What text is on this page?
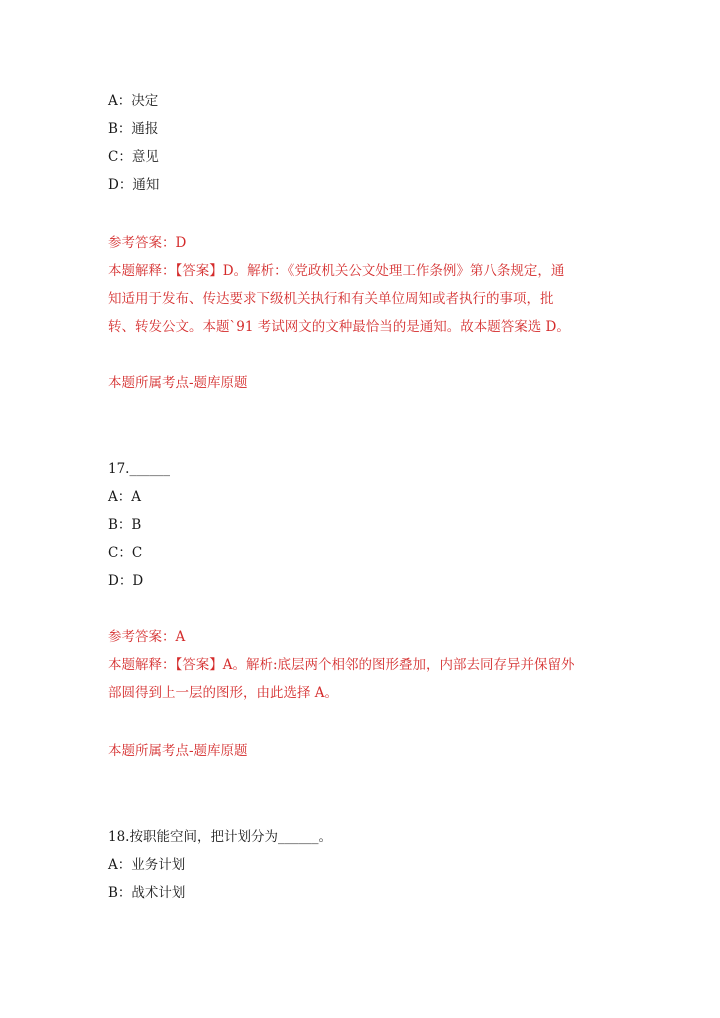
A：决定
B：通报
C：意见
D：通知
参考答案：D
本题解释：【答案】D。解析：《党政机关公文处理工作条例》第八条规定，通
知适用于发布、传达要求下级机关执行和有关单位周知或者执行的事项，批
转、转发公文。本题`91 考试网文的文种最恰当的是通知。故本题答案选 D。
本题所属考点-题库原题
17.______
A：A
B：B
C：C
D：D
参考答案：A
本题解释：【答案】A。解析:底层两个相邻的图形叠加，内部去同存异并保留外
部圆得到上一层的图形，由此选择 A。
本题所属考点-题库原题
18.按职能空间，把计划分为______。
A：业务计划
B：战术计划
